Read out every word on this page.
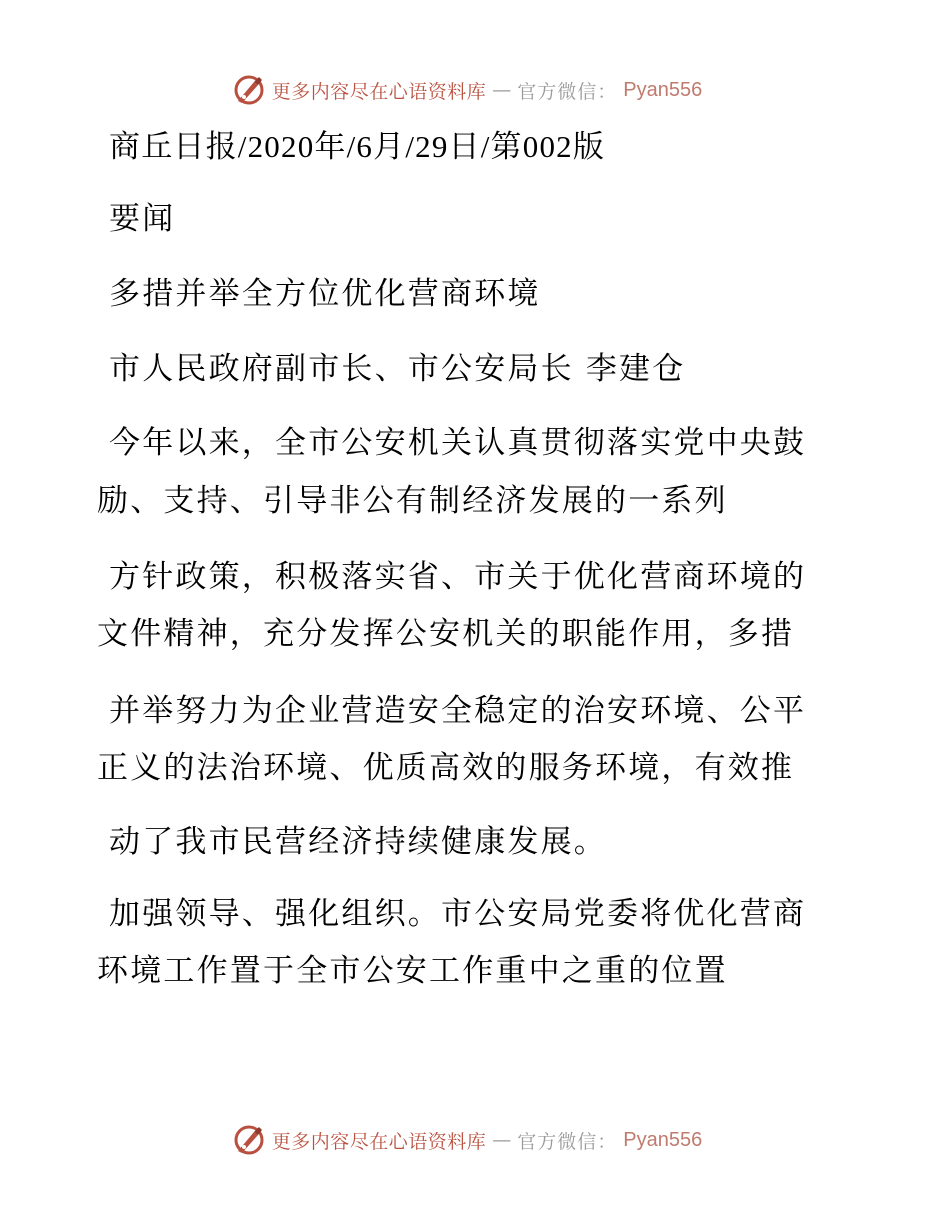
更多内容尽在心语资料库 — 官方微信： Pyan556
商丘日报/2020年/6月/29日/第002版
要闻
多措并举全方位优化营商环境
市人民政府副市长、市公安局长 李建仓
今年以来，全市公安机关认真贯彻落实党中央鼓
励、支持、引导非公有制经济发展的一系列
方针政策，积极落实省、市关于优化营商环境的
文件精神，充分发挥公安机关的职能作用，多措
并举努力为企业营造安全稳定的治安环境、公平
正义的法治环境、优质高效的服务环境，有效推
动了我市民营经济持续健康发展。
加强领导、强化组织。市公安局党委将优化营商
环境工作置于全市公安工作重中之重的位置
更多内容尽在心语资料库 — 官方微信： Pyan556
